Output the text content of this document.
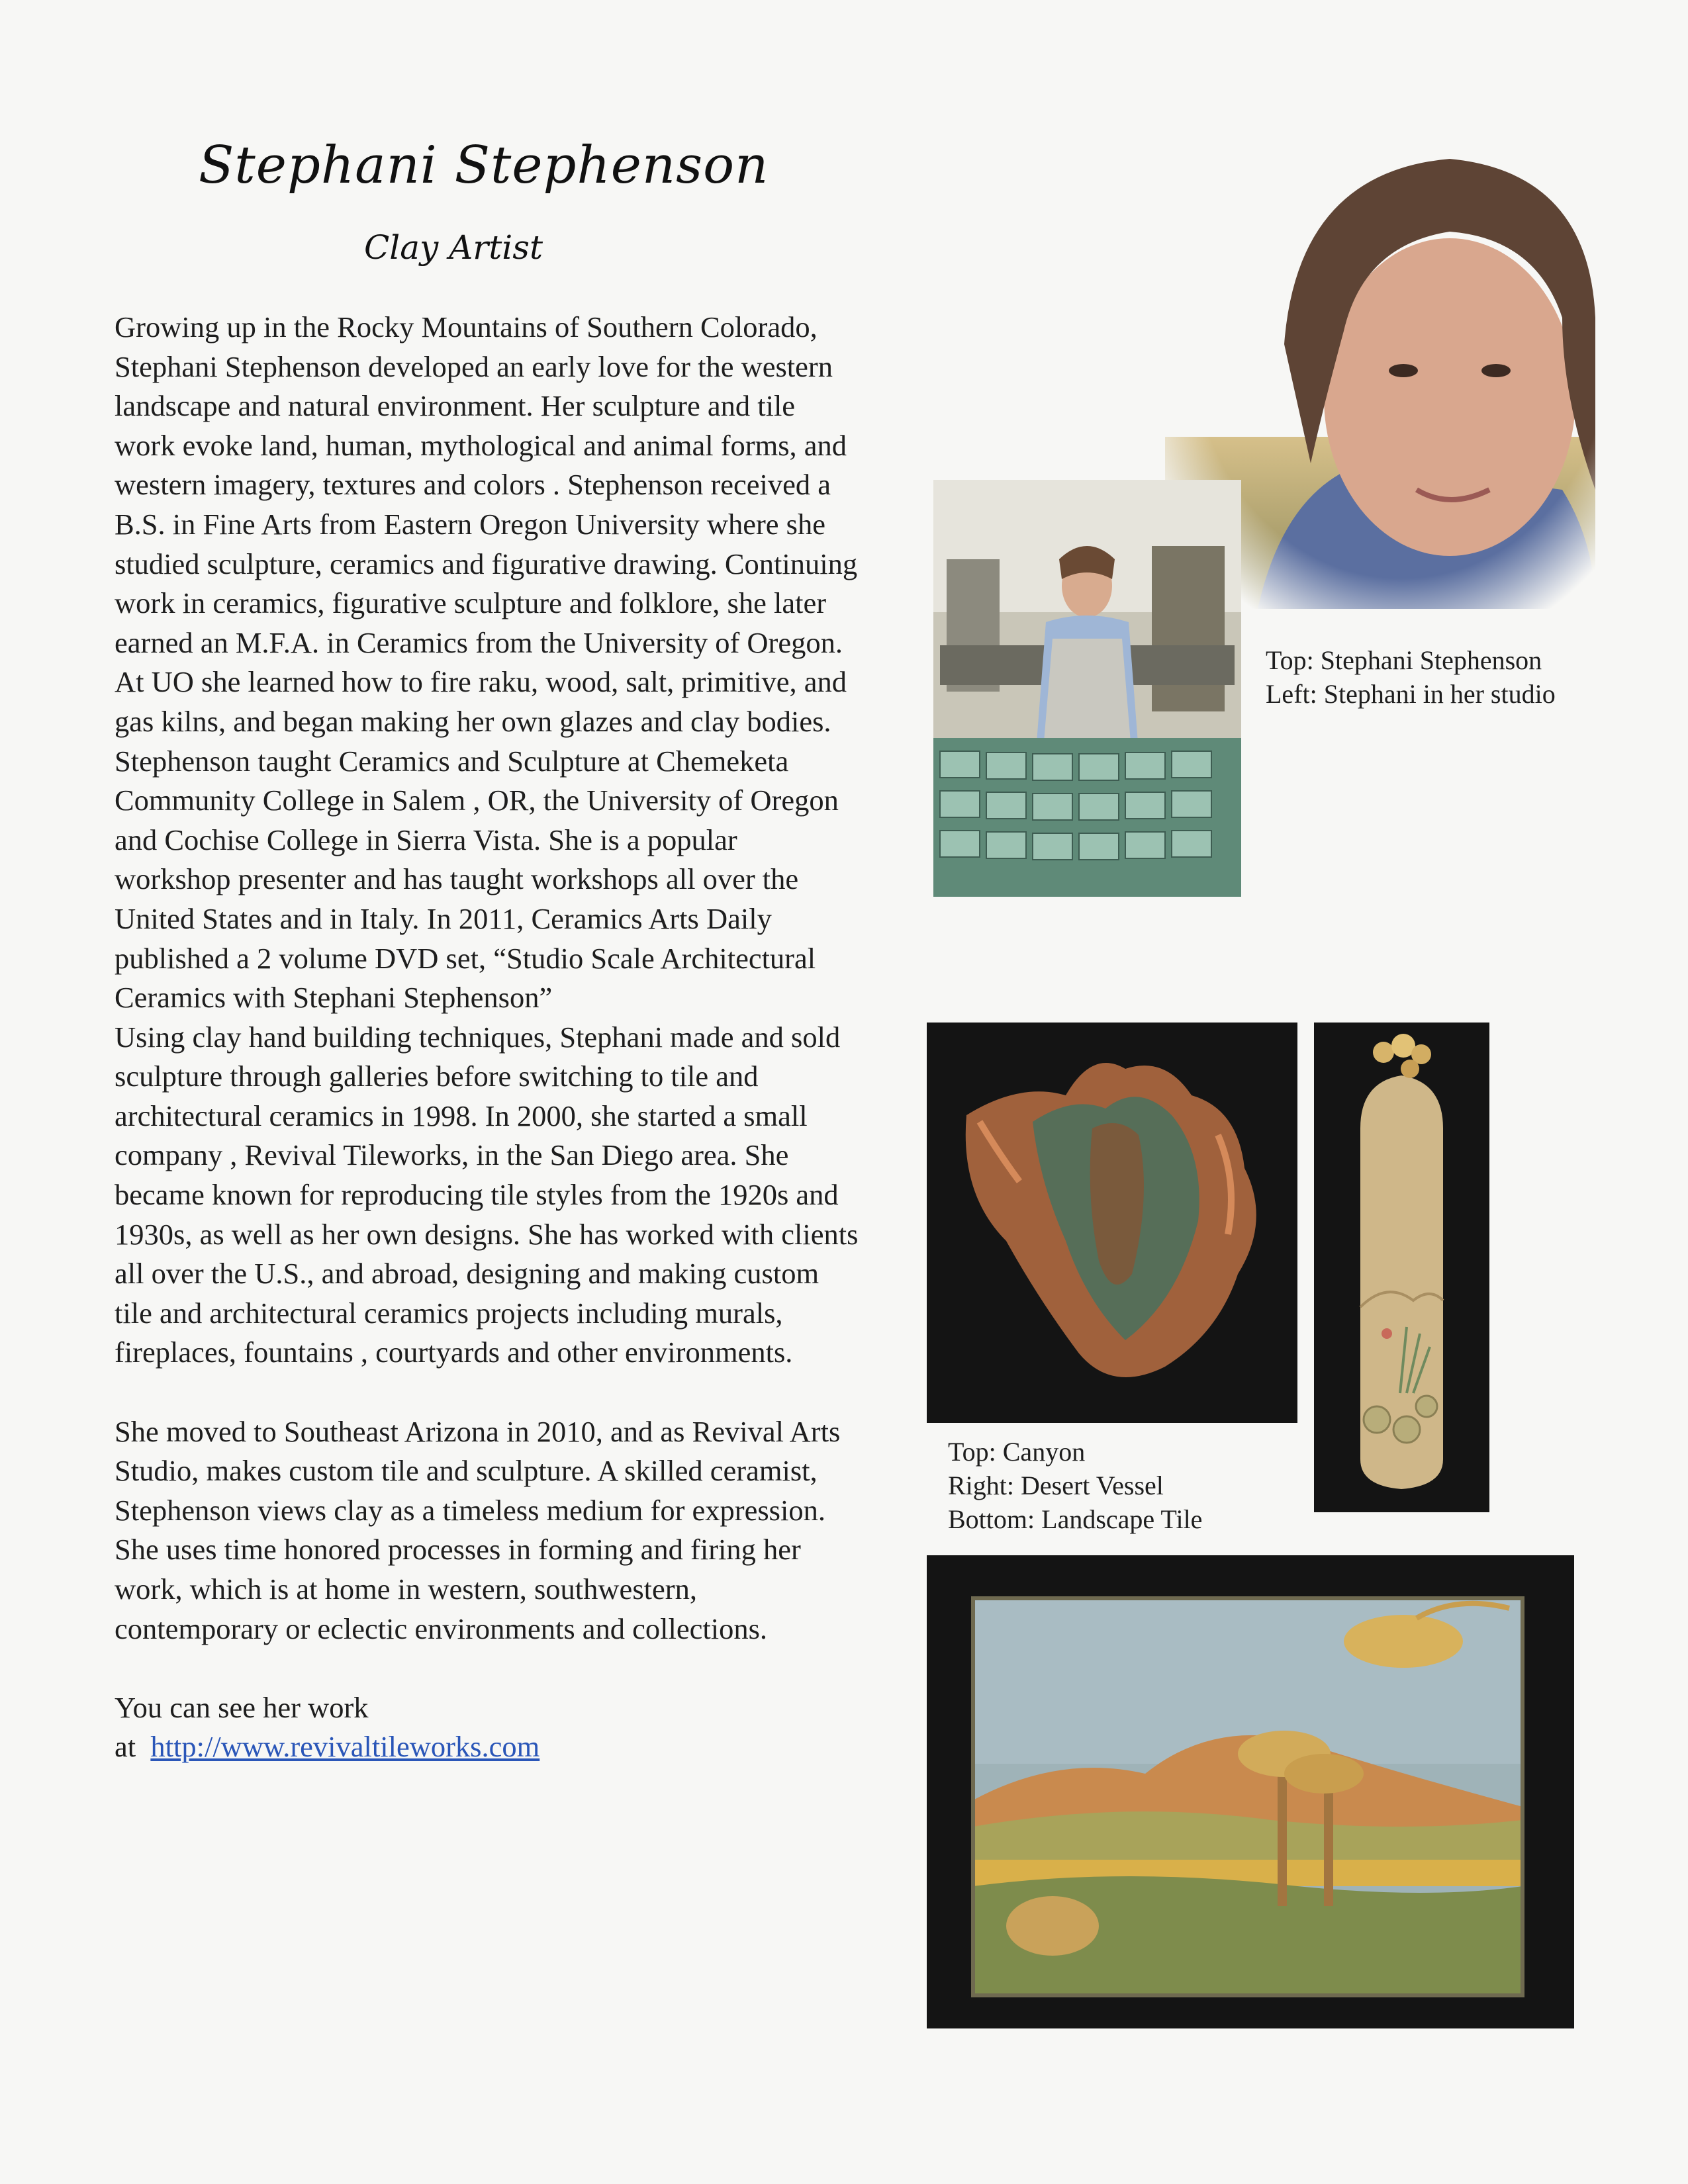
Stephani Stephenson
Clay Artist

Growing up in the Rocky Mountains of Southern Colorado, Stephani Stephenson developed an early love for the western landscape and natural environment. Her sculpture and tile work evoke land, human, mythological and animal forms, and western imagery, textures and colors . Stephenson received a B.S. in Fine Arts from Eastern Oregon University where she studied sculpture, ceramics and figurative drawing. Continuing work in ceramics, figurative sculpture and folklore, she later earned an M.F.A. in Ceramics from the University of Oregon. At UO she learned how to fire raku, wood, salt, primitive, and gas kilns, and began making her own glazes and clay bodies.

Stephenson taught Ceramics and Sculpture at Chemeketa Community College in Salem , OR, the University of Oregon and Cochise College in Sierra Vista. She is a popular workshop presenter and has taught workshops all over the United States and in Italy. In 2011, Ceramics Arts Daily published a 2 volume DVD set, “Studio Scale Architectural Ceramics with Stephani Stephenson”

Using clay hand building techniques, Stephani made and sold sculpture through galleries before switching to tile and architectural ceramics in 1998. In 2000, she started a small company , Revival Tileworks, in the San Diego area. She became known for reproducing tile styles from the 1920s and 1930s, as well as her own designs. She has worked with clients all over the U.S., and abroad, designing and making custom tile and architectural ceramics projects including murals, fireplaces, fountains , courtyards and other environments.

She moved to Southeast Arizona in 2010, and as Revival Arts Studio, makes custom tile and sculpture. A skilled ceramist, Stephenson views clay as a timeless medium for expression. She uses time honored processes in forming and firing her work, which is at home in western, southwestern, contemporary or eclectic environments and collections.

You can see her work

at http://www.revivaltileworks.com

Top: Stephani Stephenson

Left: Stephani in her studio

Top: Canyon

Right: Desert Vessel

Bottom: Landscape Tile
